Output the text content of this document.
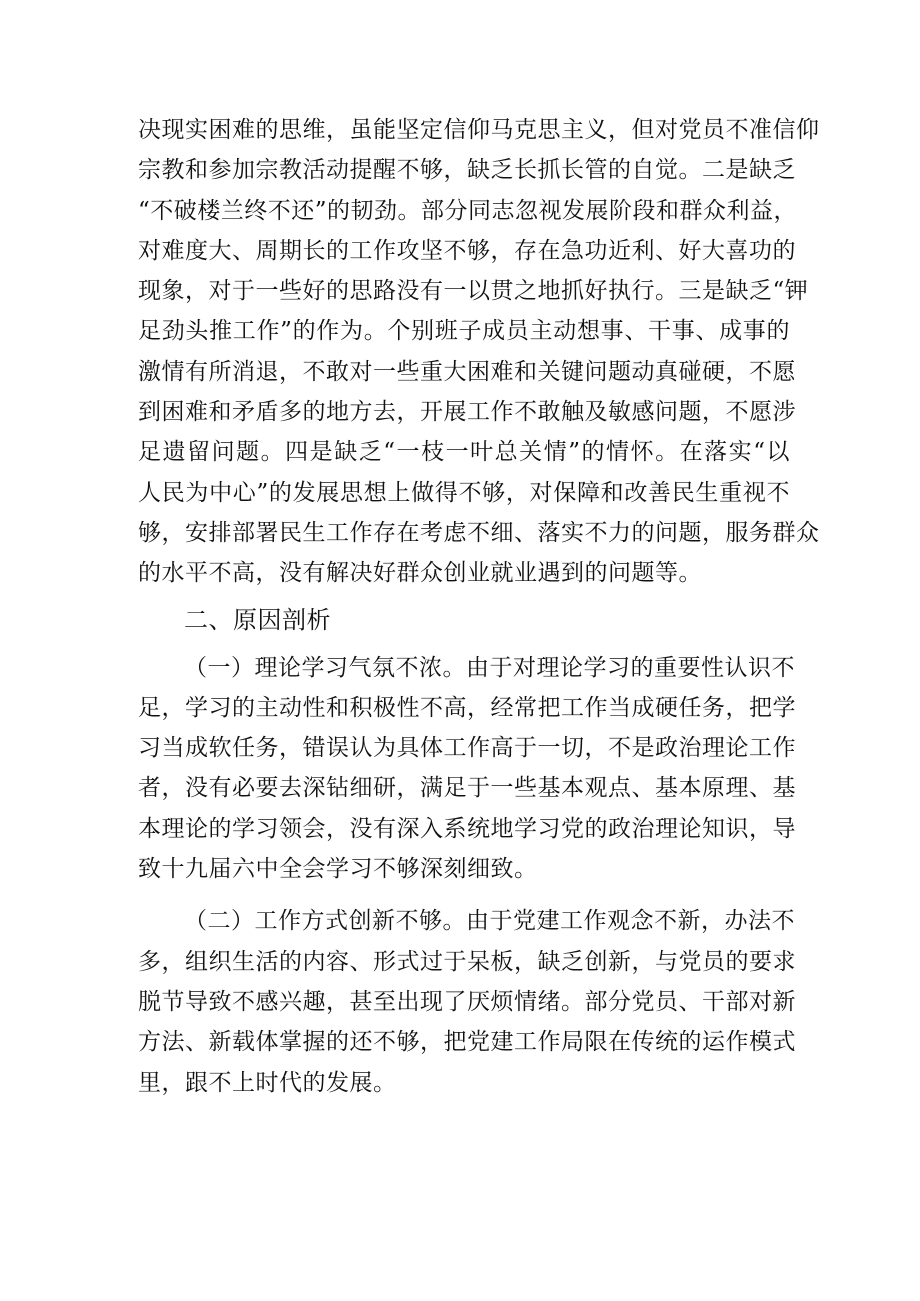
决现实困难的思维，虽能坚定信仰马克思主义，但对党员不准信仰
宗教和参加宗教活动提醒不够，缺乏长抓长管的自觉。二是缺乏
“不破楼兰终不还”的韧劲。部分同志忽视发展阶段和群众利益，
对难度大、周期长的工作攻坚不够，存在急功近利、好大喜功的
现象，对于一些好的思路没有一以贯之地抓好执行。三是缺乏“钾
足劲头推工作”的作为。个别班子成员主动想事、干事、成事的
激情有所消退，不敢对一些重大困难和关键问题动真碰硬，不愿
到困难和矛盾多的地方去，开展工作不敢触及敏感问题，不愿涉
足遗留问题。四是缺乏“一枝一叶总关情”的情怀。在落实“以
人民为中心”的发展思想上做得不够，对保障和改善民生重视不
够，安排部署民生工作存在考虑不细、落实不力的问题，服务群众
的水平不高，没有解决好群众创业就业遇到的问题等。
二、原因剖析
（一）理论学习气氛不浓。由于对理论学习的重要性认识不
足，学习的主动性和积极性不高，经常把工作当成硬任务，把学
习当成软任务，错误认为具体工作高于一切，不是政治理论工作
者，没有必要去深钻细研，满足于一些基本观点、基本原理、基
本理论的学习领会，没有深入系统地学习党的政治理论知识，导
致十九届六中全会学习不够深刻细致。
（二）工作方式创新不够。由于党建工作观念不新，办法不
多，组织生活的内容、形式过于呆板，缺乏创新，与党员的要求
脱节导致不感兴趣，甚至出现了厌烦情绪。部分党员、干部对新
方法、新载体掌握的还不够，把党建工作局限在传统的运作模式
里，跟不上时代的发展。
